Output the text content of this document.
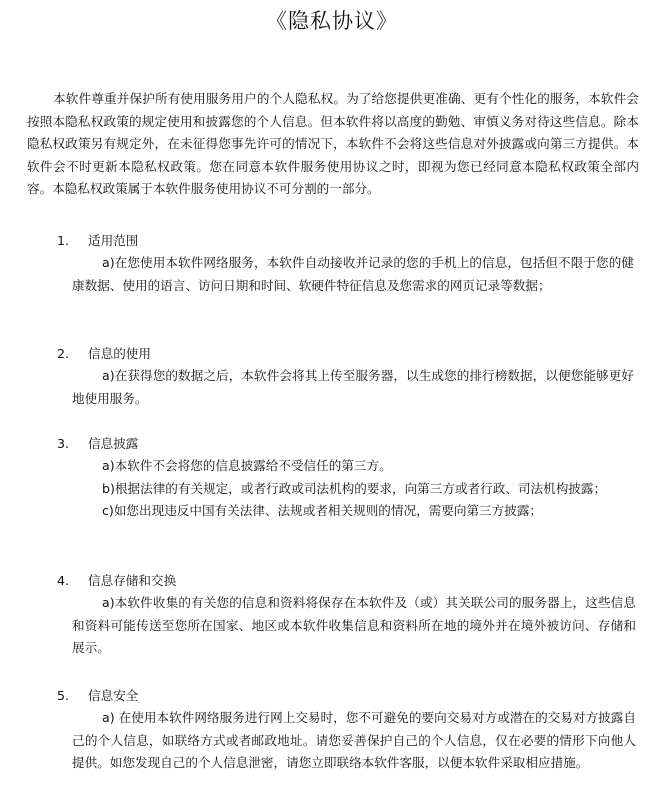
《隐私协议》
本软件尊重并保护所有使用服务用户的个人隐私权。为了给您提供更准确、更有个性化的服务，本软件会按照本隐私权政策的规定使用和披露您的个人信息。但本软件将以高度的勤勉、审慎义务对待这些信息。除本隐私权政策另有规定外，在未征得您事先许可的情况下，本软件不会将这些信息对外披露或向第三方提供。本软件会不时更新本隐私权政策。您在同意本软件服务使用协议之时，即视为您已经同意本隐私权政策全部内容。本隐私权政策属于本软件服务使用协议不可分割的一部分。
1. 适用范围
a)在您使用本软件网络服务，本软件自动接收并记录的您的手机上的信息，包括但不限于您的健康数据、使用的语言、访问日期和时间、软硬件特征信息及您需求的网页记录等数据；
2. 信息的使用
a)在获得您的数据之后，本软件会将其上传至服务器，以生成您的排行榜数据，以便您能够更好地使用服务。
3. 信息披露

a)本软件不会将您的信息披露给不受信任的第三方。

b)根据法律的有关规定，或者行政或司法机构的要求，向第三方或者行政、司法机构披露；

c)如您出现违反中国有关法律、法规或者相关规则的情况，需要向第三方披露；

4. 信息存储和交换
a)本软件收集的有关您的信息和资料将保存在本软件及（或）其关联公司的服务器上，这些信息和资料可能传送至您所在国家、地区或本软件收集信息和资料所在地的境外并在境外被访问、存储和展示。
5. 信息安全
a) 在使用本软件网络服务进行网上交易时，您不可避免的要向交易对方或潜在的交易对方披露自己的个人信息，如联络方式或者邮政地址。请您妥善保护自己的个人信息，仅在必要的情形下向他人提供。如您发现自己的个人信息泄密，请您立即联络本软件客服，以便本软件采取相应措施。
